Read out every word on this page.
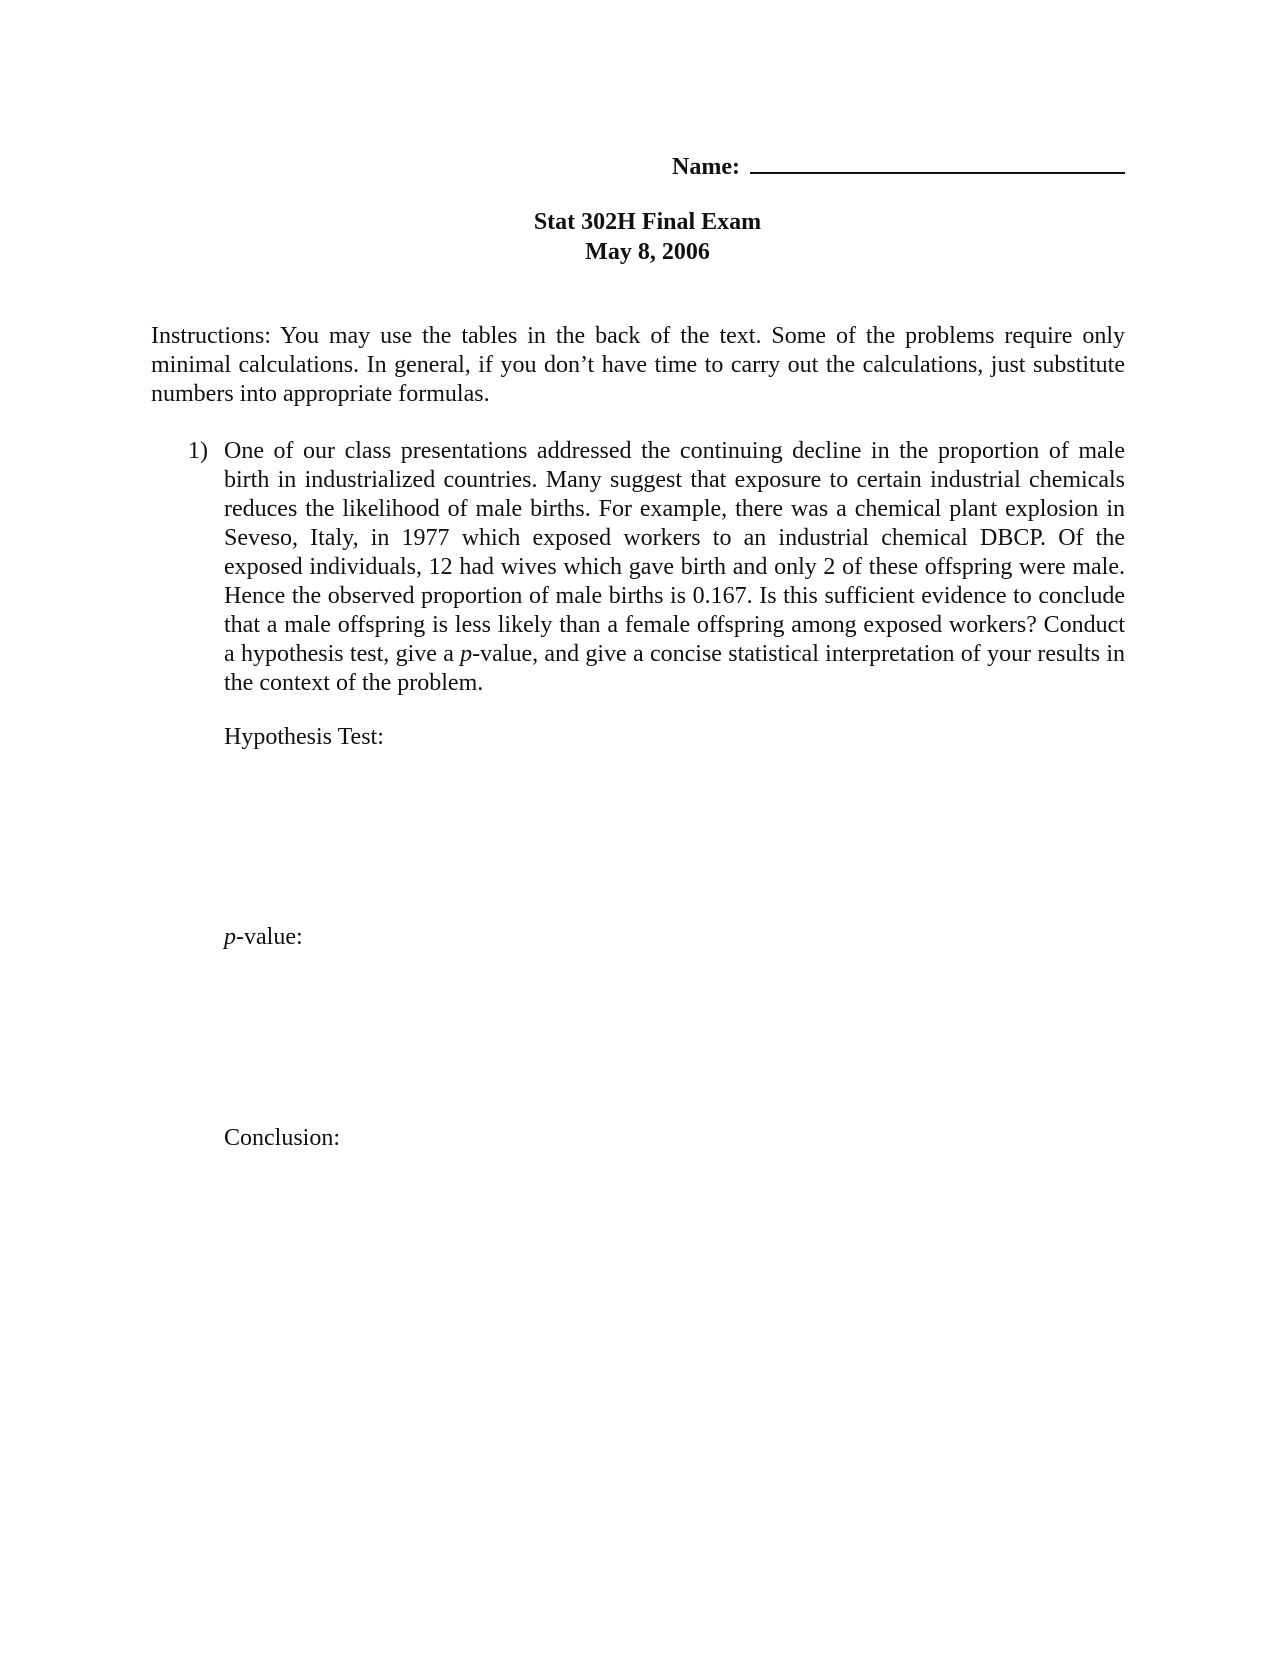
Name:
Stat 302H Final Exam
May 8, 2006
Instructions: You may use the tables in the back of the text. Some of the problems require only minimal calculations. In general, if you don’t have time to carry out the calculations, just substitute numbers into appropriate formulas.
1) One of our class presentations addressed the continuing decline in the proportion of male birth in industrialized countries. Many suggest that exposure to certain industrial chemicals reduces the likelihood of male births. For example, there was a chemical plant explosion in Seveso, Italy, in 1977 which exposed workers to an industrial chemical DBCP. Of the exposed individuals, 12 had wives which gave birth and only 2 of these offspring were male. Hence the observed proportion of male births is 0.167. Is this sufficient evidence to conclude that a male offspring is less likely than a female offspring among exposed workers? Conduct a hypothesis test, give a p-value, and give a concise statistical interpretation of your results in the context of the problem.
Hypothesis Test:
p-value:
Conclusion:
